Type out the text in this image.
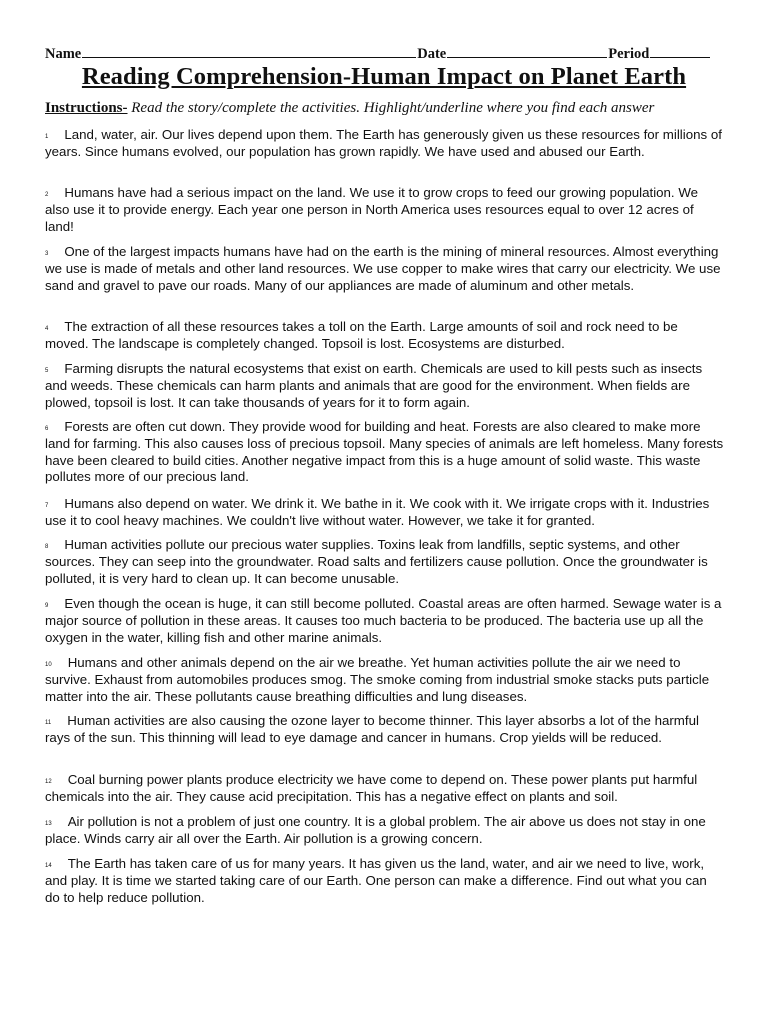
Name	Date	Period
Reading Comprehension-Human Impact on Planet Earth
Instructions- Read the story/complete the activities. Highlight/underline where you find each answer
$^1$ Land, water, air. Our lives depend upon them. The Earth has generously given us these resources for millions of years. Since humans evolved, our population has grown rapidly. We have used and abused our Earth.
$^2$ Humans have had a serious impact on the land. We use it to grow crops to feed our growing population. We also use it to provide energy. Each year one person in North America uses resources equal to over 12 acres of land!
$^3$ One of the largest impacts humans have had on the earth is the mining of mineral resources. Almost everything we use is made of metals and other land resources. We use copper to make wires that carry our electricity. We use sand and gravel to pave our roads. Many of our appliances are made of aluminum and other metals.
$^4$ The extraction of all these resources takes a toll on the Earth. Large amounts of soil and rock need to be moved. The landscape is completely changed. Topsoil is lost. Ecosystems are disturbed.
$^5$ Farming disrupts the natural ecosystems that exist on earth. Chemicals are used to kill pests such as insects and weeds. These chemicals can harm plants and animals that are good for the environment. When fields are plowed, topsoil is lost. It can take thousands of years for it to form again.
$^6$ Forests are often cut down. They provide wood for building and heat. Forests are also cleared to make more land for farming. This also causes loss of precious topsoil. Many species of animals are left homeless. Many forests have been cleared to build cities. Another negative impact from this is a huge amount of solid waste. This waste pollutes more of our precious land.
$^7$ Humans also depend on water. We drink it. We bathe in it. We cook with it. We irrigate crops with it. Industries use it to cool heavy machines. We couldn't live without water. However, we take it for granted.
$^8$ Human activities pollute our precious water supplies. Toxins leak from landfills, septic systems, and other sources. They can seep into the groundwater. Road salts and fertilizers cause pollution. Once the groundwater is polluted, it is very hard to clean up. It can become unusable.
$^9$ Even though the ocean is huge, it can still become polluted. Coastal areas are often harmed. Sewage water is a major source of pollution in these areas. It causes too much bacteria to be produced. The bacteria use up all the oxygen in the water, killing fish and other marine animals.
$^{10}$ Humans and other animals depend on the air we breathe. Yet human activities pollute the air we need to survive. Exhaust from automobiles produces smog. The smoke coming from industrial smoke stacks puts particle matter into the air. These pollutants cause breathing difficulties and lung diseases.
$^{11}$ Human activities are also causing the ozone layer to become thinner. This layer absorbs a lot of the harmful rays of the sun. This thinning will lead to eye damage and cancer in humans. Crop yields will be reduced.
$^{12}$ Coal burning power plants produce electricity we have come to depend on. These power plants put harmful chemicals into the air. They cause acid precipitation. This has a negative effect on plants and soil.
$^{13}$ Air pollution is not a problem of just one country. It is a global problem. The air above us does not stay in one place. Winds carry air all over the Earth. Air pollution is a growing concern.
$^{14}$ The Earth has taken care of us for many years. It has given us the land, water, and air we need to live, work, and play. It is time we started taking care of our Earth. One person can make a difference. Find out what you can do to help reduce pollution.
